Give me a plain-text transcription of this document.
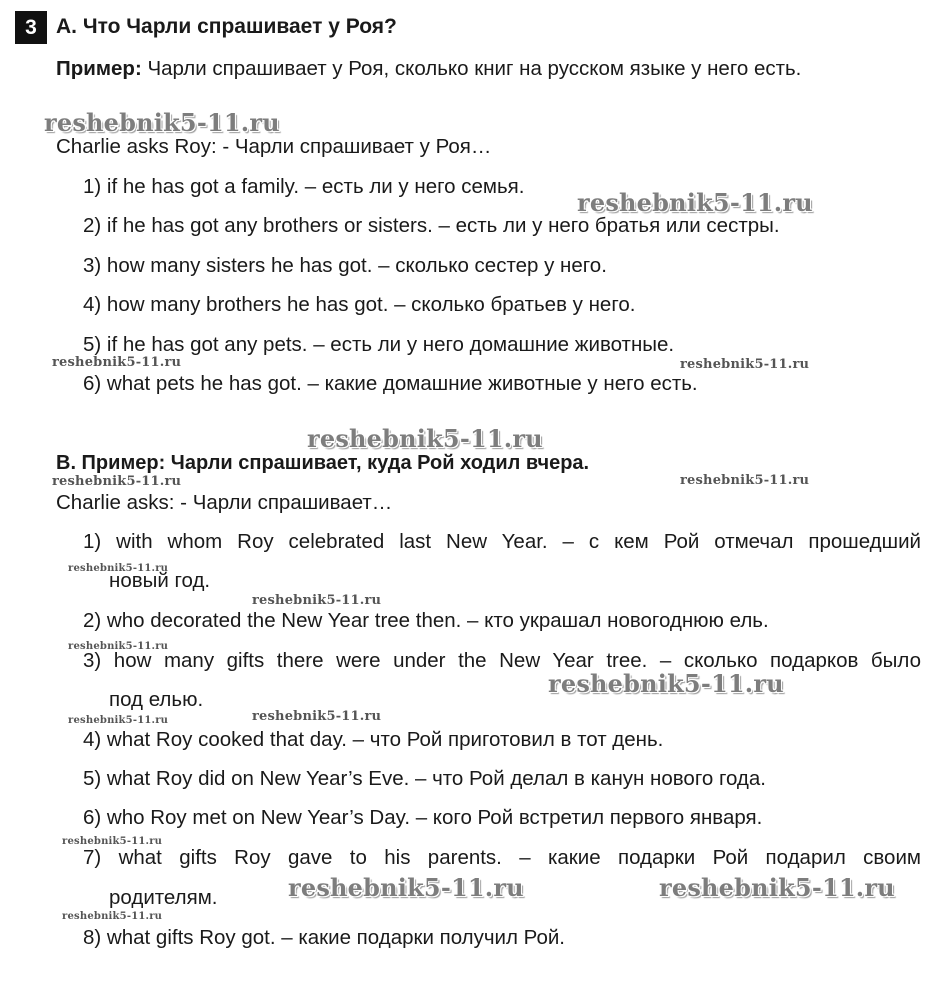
3 A. Что Чарли спрашивает у Роя?
Пример: Чарли спрашивает у Роя, сколько книг на русском языке у него есть.
Charlie asks Roy: - Чарли спрашивает у Роя…
1) if he has got a family. – есть ли у него семья.
2) if he has got any brothers or sisters. – есть ли у него братья или сестры.
3) how many sisters he has got. – сколько сестер у него.
4) how many brothers he has got. – сколько братьев у него.
5) if he has got any pets. – есть ли у него домашние животные.
6) what pets he has got. – какие домашние животные у него есть.
B. Пример: Чарли спрашивает, куда Рой ходил вчера.
Charlie asks: - Чарли спрашивает…
1) with whom Roy celebrated last New Year. – с кем Рой отмечал прошедший
новый год.
2) who decorated the New Year tree then. – кто украшал новогоднюю ель.
3) how many gifts there were under the New Year tree. – сколько подарков было
под елью.
4) what Roy cooked that day. – что Рой приготовил в тот день.
5) what Roy did on New Year’s Eve. – что Рой делал в канун нового года.
6) who Roy met on New Year’s Day. – кого Рой встретил первого января.
7) what gifts Roy gave to his parents. – какие подарки Рой подарил своим
родителям.
8) what gifts Roy got. – какие подарки получил Рой.
reshebnik5-11.ru
reshebnik5-11.ru
reshebnik5-11.ru	reshebnik5-11.ru
reshebnik5-11.ru
reshebnik5-11.ru	reshebnik5-11.ru
reshebnik5-11.ru
reshebnik5-11.ru
reshebnik5-11.ru
reshebnik5-11.ru
reshebnik5-11.ru
reshebnik5-11.ru
reshebnik5-11.ru
reshebnik5-11.ru	reshebnik5-11.ru
reshebnik5-11.ru
